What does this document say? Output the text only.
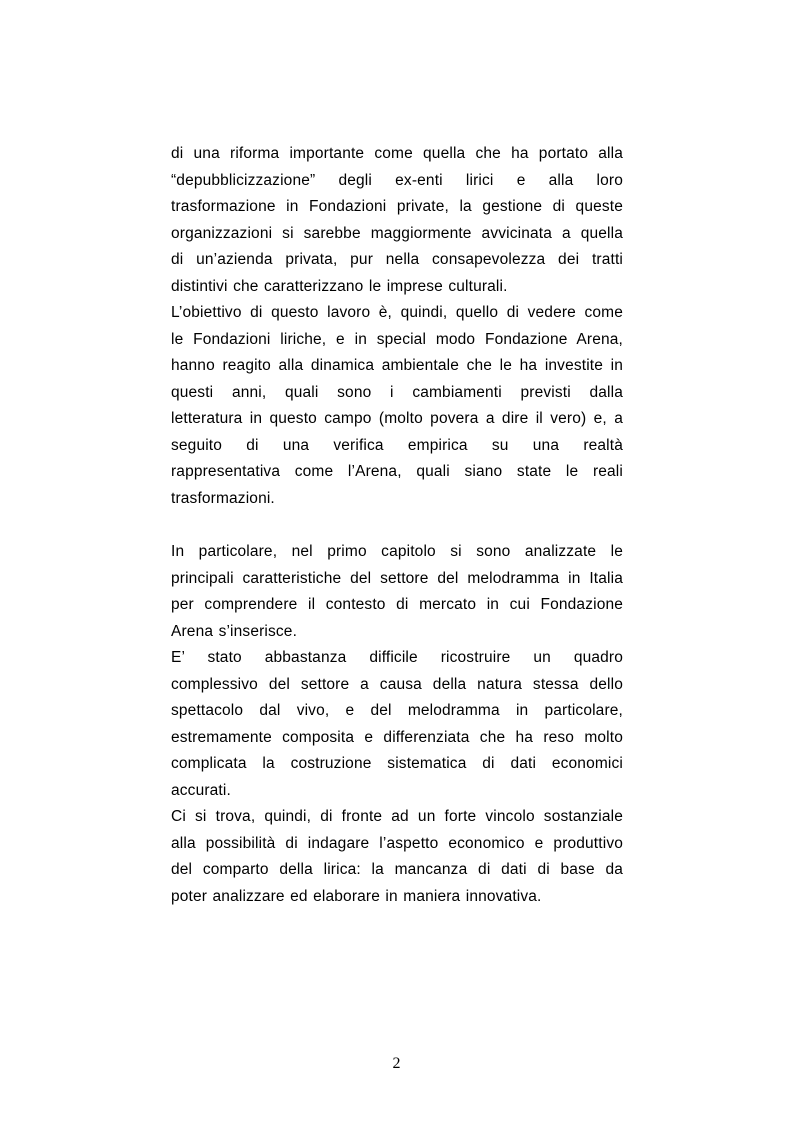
di una riforma importante come quella che ha portato alla
“depubblicizzazione” degli ex-enti lirici e alla loro
trasformazione in Fondazioni private, la gestione di queste
organizzazioni si sarebbe maggiormente avvicinata a quella
di un’azienda privata, pur nella consapevolezza dei tratti
distintivi che caratterizzano le imprese culturali.

L’obiettivo di questo lavoro è, quindi, quello di vedere come
le Fondazioni liriche, e in special modo Fondazione Arena,
hanno reagito alla dinamica ambientale che le ha investite in
questi anni, quali sono i cambiamenti previsti dalla
letteratura in questo campo (molto povera a dire il vero) e, a
seguito di una verifica empirica su una realtà
rappresentativa come l’Arena, quali siano state le reali
trasformazioni.

In particolare, nel primo capitolo si sono analizzate le
principali caratteristiche del settore del melodramma in Italia
per comprendere il contesto di mercato in cui Fondazione
Arena s’inserisce.

E’ stato abbastanza difficile ricostruire un quadro
complessivo del settore a causa della natura stessa dello
spettacolo dal vivo, e del melodramma in particolare,
estremamente composita e differenziata che ha reso molto
complicata la costruzione sistematica di dati economici
accurati.

Ci si trova, quindi, di fronte ad un forte vincolo sostanziale
alla possibilità di indagare l’aspetto economico e produttivo
del comparto della lirica: la mancanza di dati di base da
poter analizzare ed elaborare in maniera innovativa.

2
